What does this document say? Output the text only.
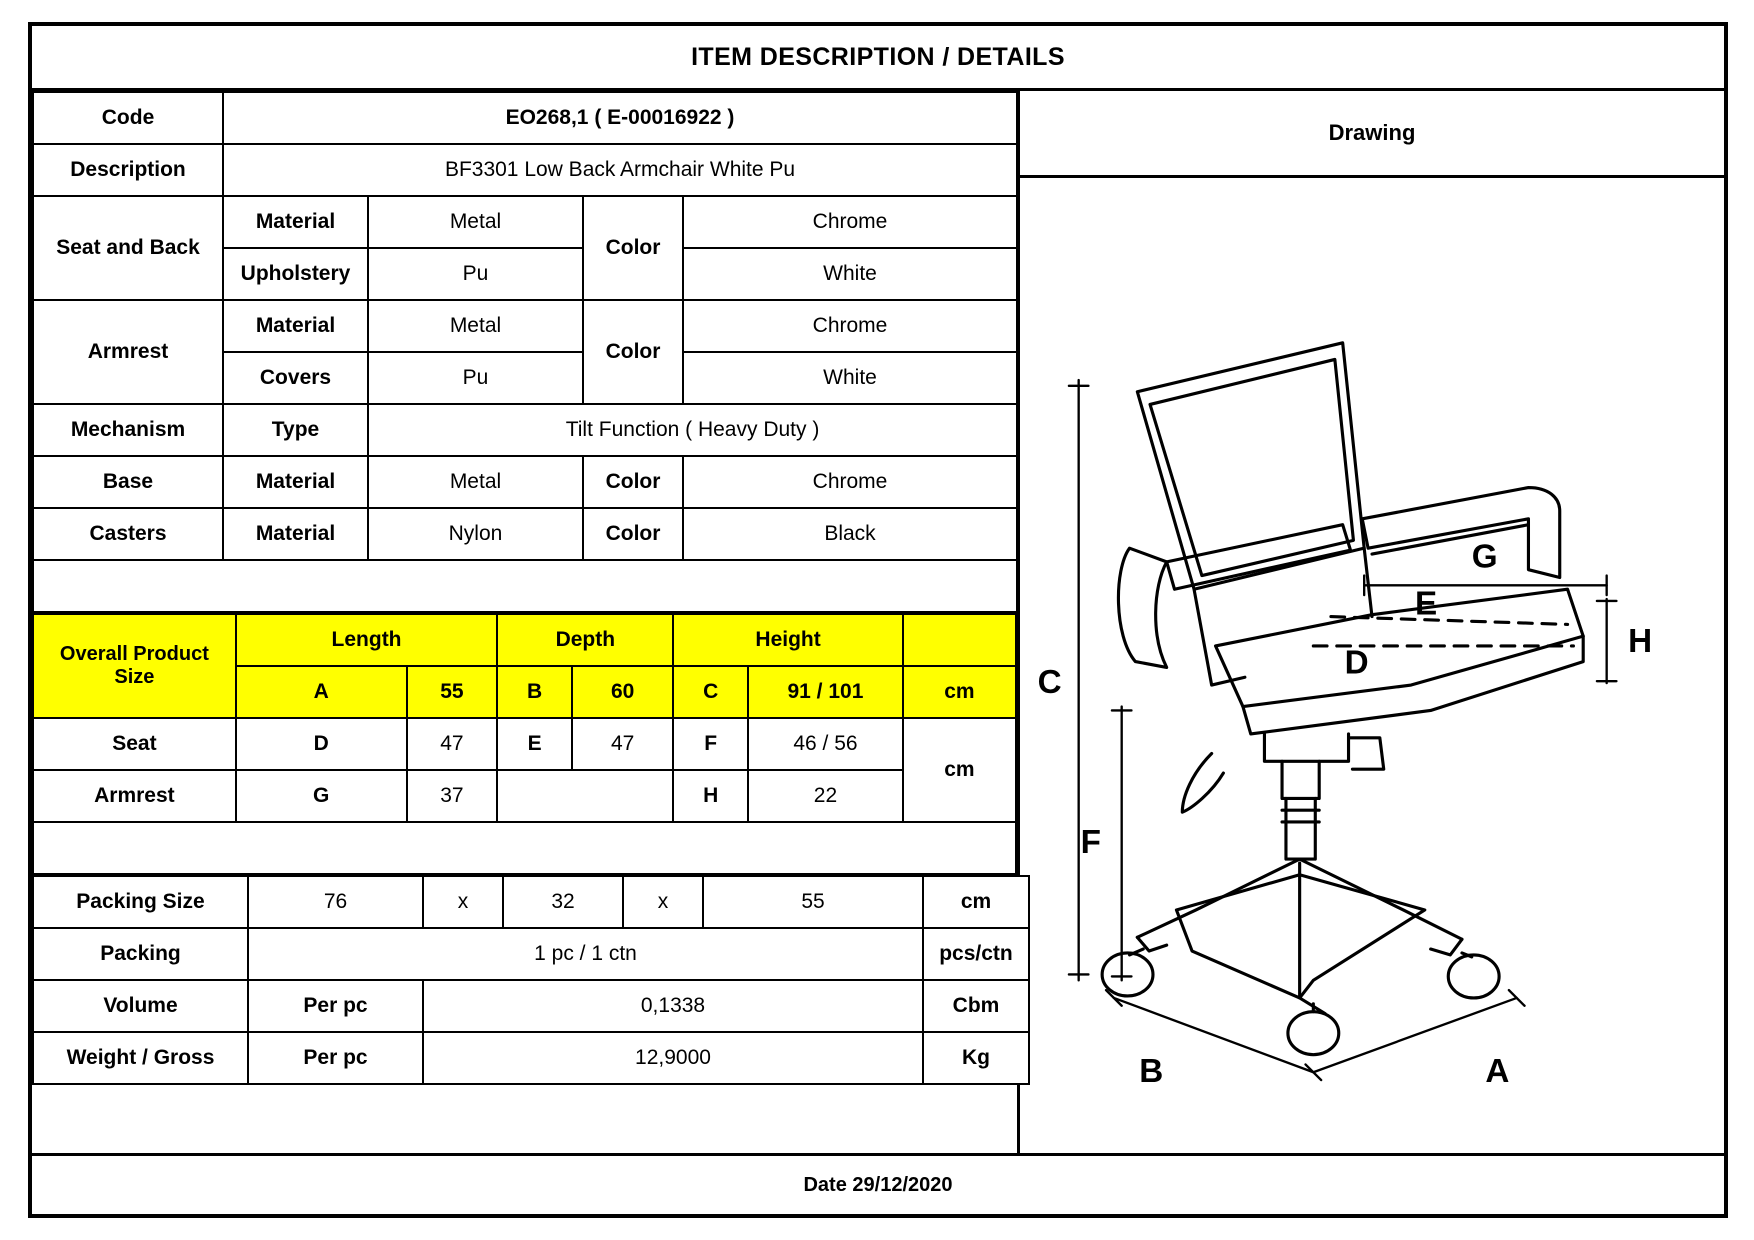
ITEM DESCRIPTION / DETAILS
Code	EO268,1 ( E-00016922 )			
Description	BF3301 Low Back Armchair White Pu			
Seat and Back	Material	Metal	Color	Chrome
	Upholstery	Pu		White
Armrest	Material	Metal	Color	Chrome
	Covers	Pu		White
Mechanism	Type	Tilt Function ( Heavy Duty )		
Base	Material	Metal	Color	Chrome
Casters	Material	Nylon	Color	Black

Overall Product Size	Length		Depth		Height		
	A	55	B	60	C	91 / 101	cm
Seat	D	47	E	47	F	46 / 56	cm
Armrest	G	37			H	22	

Packing Size	76	x	32	x	55	cm
Packing	1 pc / 1 ctn					pcs/ctn
Volume	Per pc	0,1338				Cbm
Weight / Gross	Per pc	12,9000				Kg
Drawing
C
F
G
H
E
D
A
B
Date 29/12/2020
